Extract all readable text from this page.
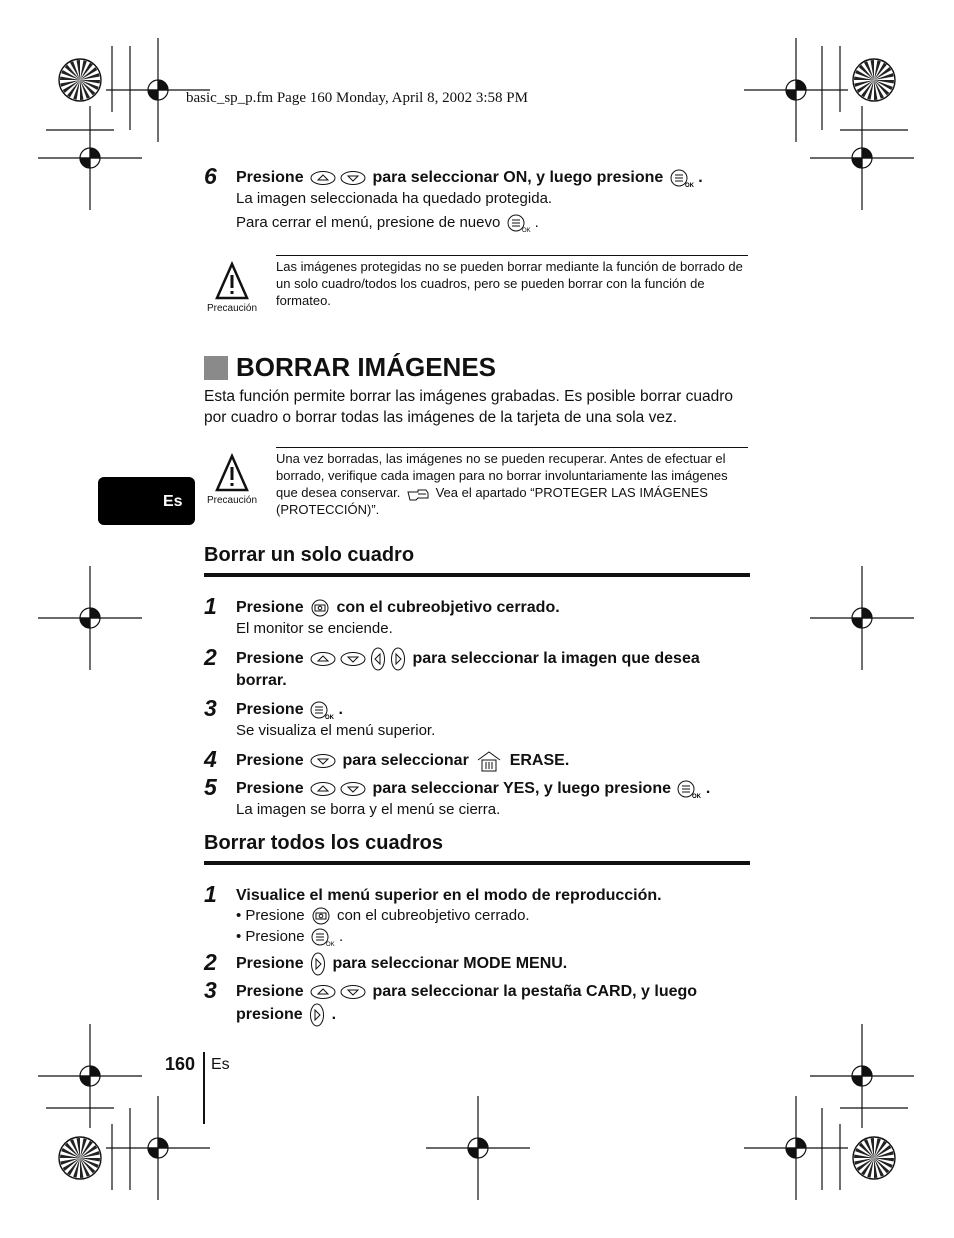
basic_sp_p.fm Page 160 Monday, April 8, 2002 3:58 PM
6 Presione	para seleccionar ON, y luego presione	OK .
La imagen seleccionada ha quedado protegida.
Para cerrar el menú, presione de nuevo
OK
.
Precaución
Las imágenes protegidas no se pueden borrar mediante la función de borrado de un solo cuadro/todos los cuadros, pero se pueden borrar con la función de formateo.
BORRAR IMÁGENES
Esta función permite borrar las imágenes grabadas. Es posible borrar cuadro por cuadro o borrar todas las imágenes de la tarjeta de una sola vez.
Precaución
Una vez borradas, las imágenes no se pueden recuperar. Antes de efectuar el borrado, verifique cada imagen para no borrar involuntariamente las imágenes que desea conservar.	Vea el apartado “PROTEGER LAS IMÁGENES (PROTECCIÓN)”.
Es
Borrar un solo cuadro
1 Presione con el cubreobjetivo cerrado.
El monitor se enciende.
2 Presione	para seleccionar la imagen que desea
borrar.
3 Presione	OK .
Se visualiza el menú superior.
4 Presione para seleccionar	ERASE.
5 Presione	para seleccionar YES, y luego presione	OK .
La imagen se borra y el menú se cierra.
Borrar todos los cuadros
1 Visualice el menú superior en el modo de reproducción.
• Presione con el cubreobjetivo cerrado.
• Presione
OK
.
2 Presione para seleccionar MODE MENU.
3 Presione	para seleccionar la pestaña CARD, y luego
presione .
160 Es
